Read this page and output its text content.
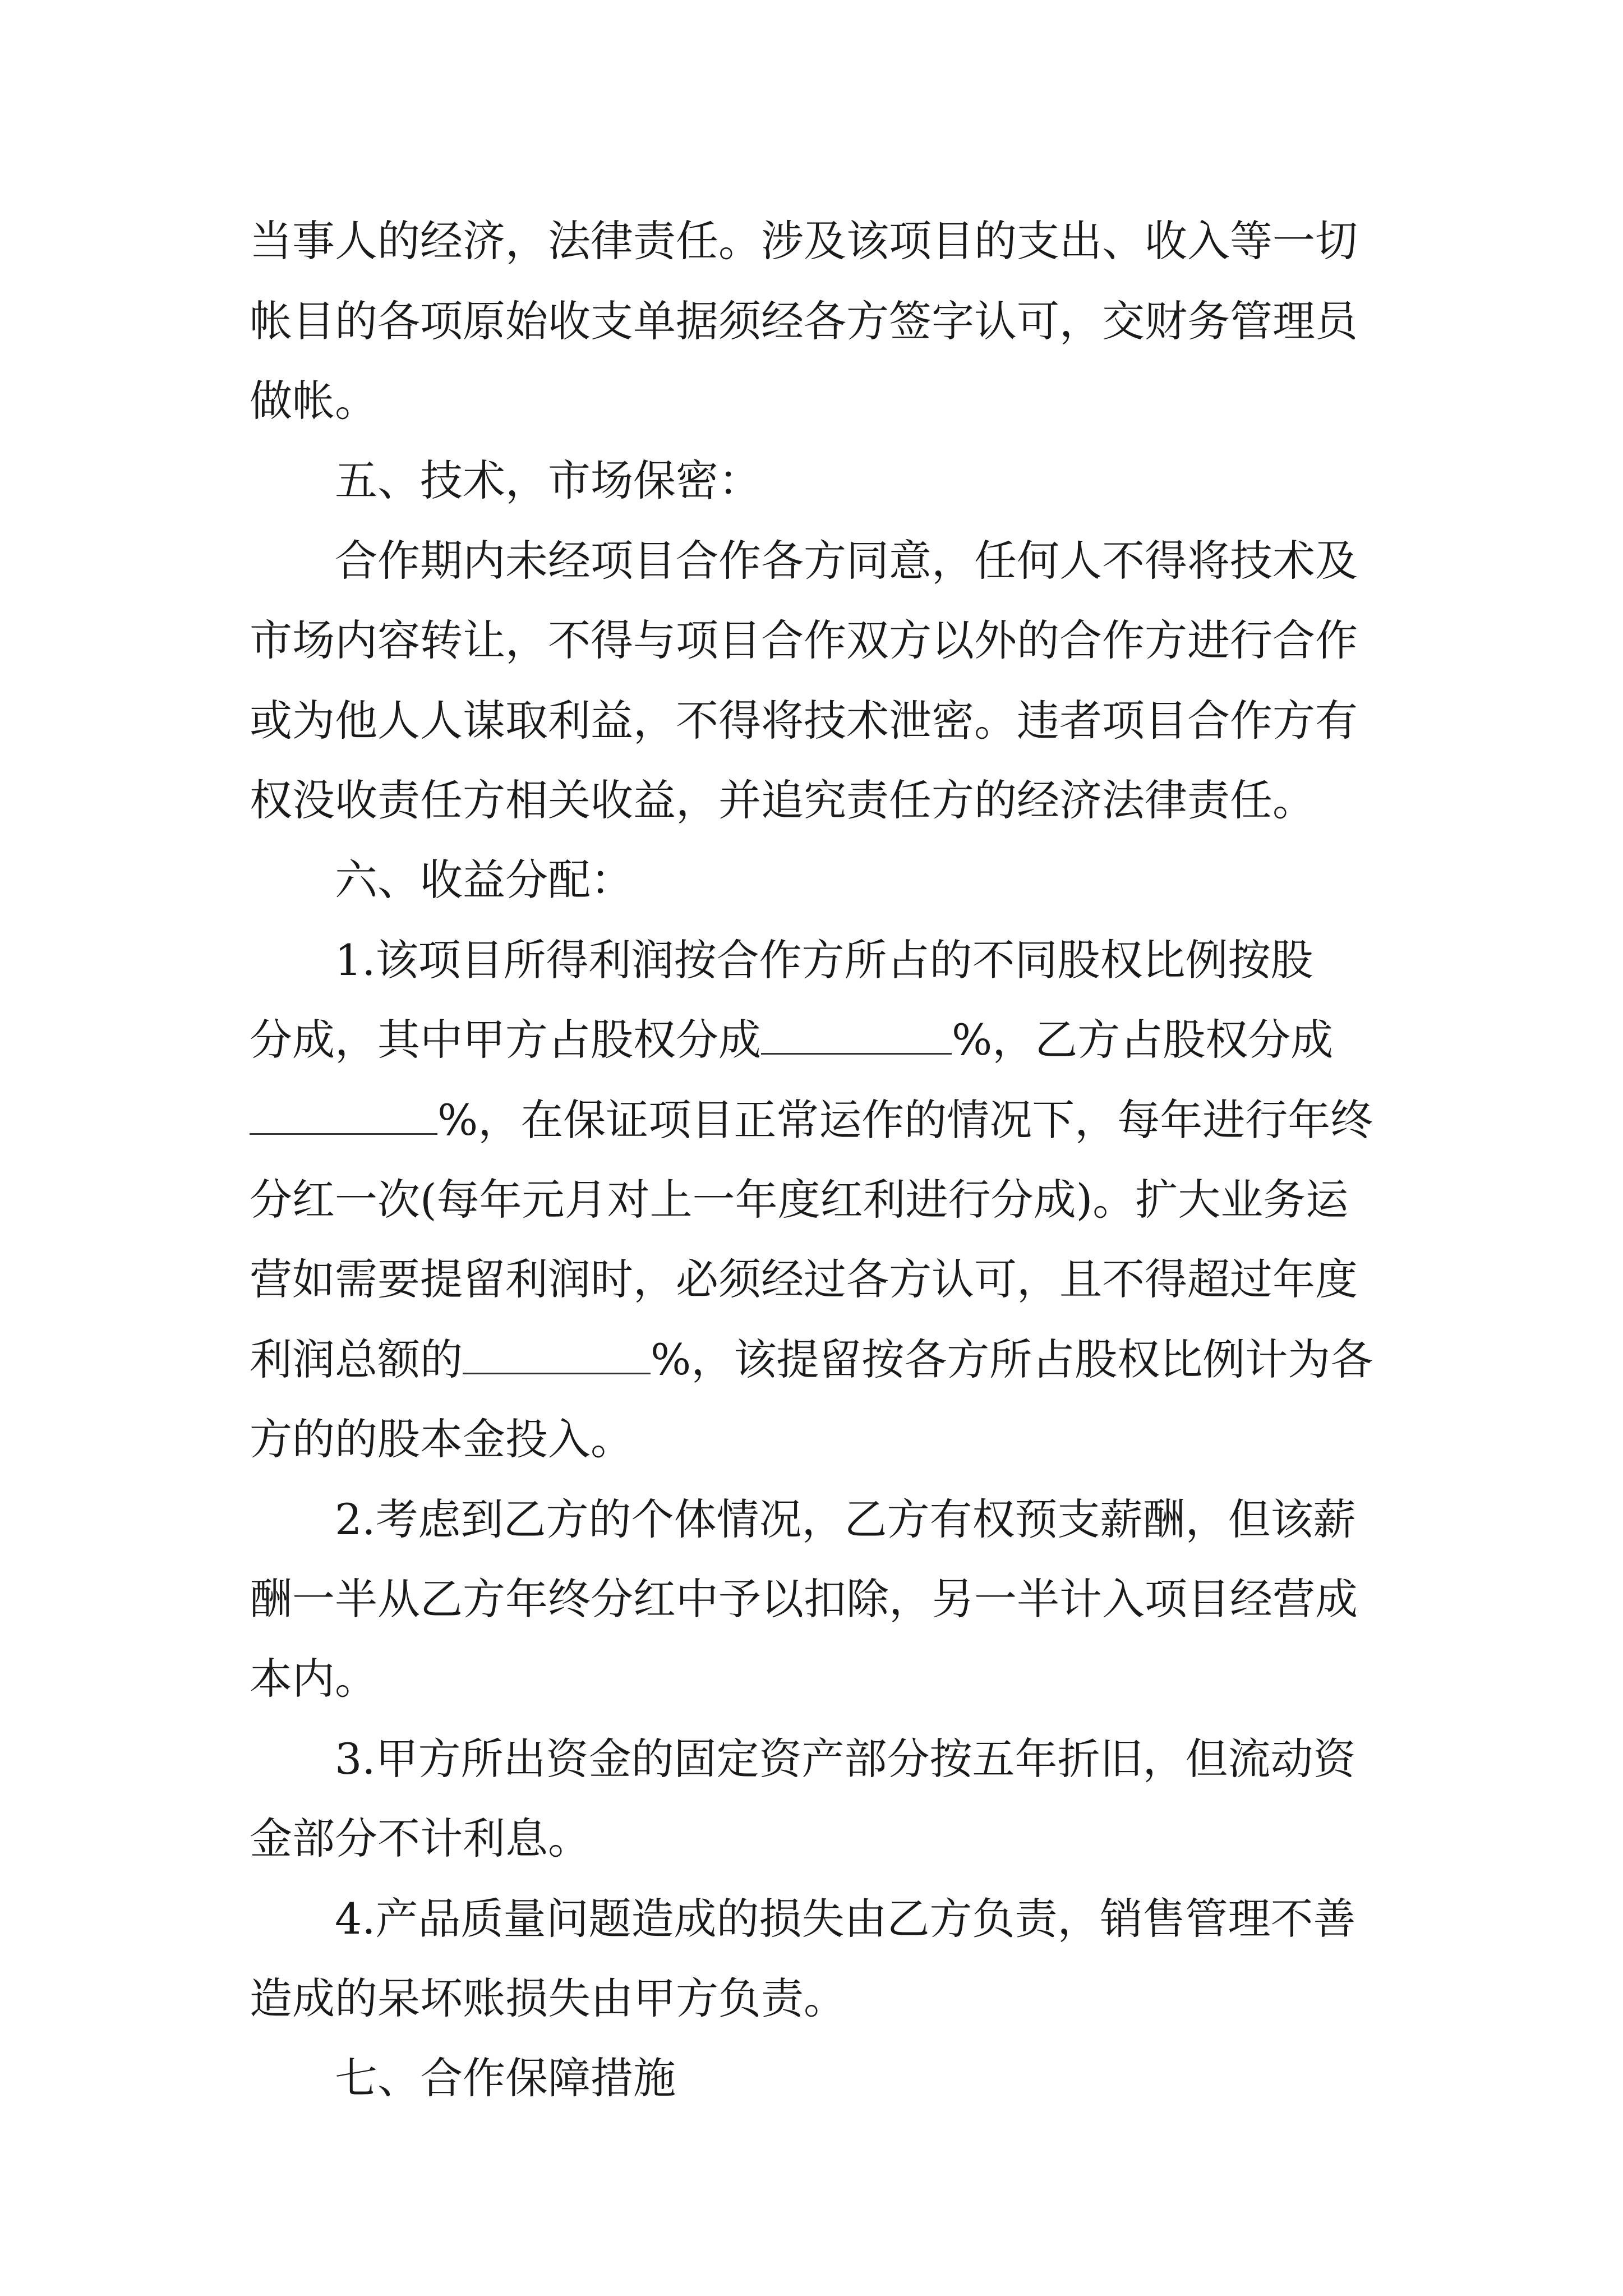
当事人的经济，法律责任。涉及该项目的支出、收入等一切
帐目的各项原始收支单据须经各方签字认可，交财务管理员
做帐。
五、技术，市场保密：
合作期内未经项目合作各方同意，任何人不得将技术及
市场内容转让，不得与项目合作双方以外的合作方进行合作
或为他人人谋取利益，不得将技术泄密。违者项目合作方有
权没收责任方相关收益，并追究责任方的经济法律责任。
六、收益分配：
1.该项目所得利润按合作方所占的不同股权比例按股
分成，其中甲方占股权分成	%，乙方占股权分成
%，在保证项目正常运作的情况下，每年进行年终
分红一次(每年元月对上一年度红利进行分成)。扩大业务运
营如需要提留利润时，必须经过各方认可，且不得超过年度
利润总额的	%，该提留按各方所占股权比例计为各
方的的股本金投入。
2.考虑到乙方的个体情况，乙方有权预支薪酬，但该薪
酬一半从乙方年终分红中予以扣除，另一半计入项目经营成
本内。
3.甲方所出资金的固定资产部分按五年折旧，但流动资
金部分不计利息。
4.产品质量问题造成的损失由乙方负责，销售管理不善
造成的呆坏账损失由甲方负责。
七、合作保障措施
